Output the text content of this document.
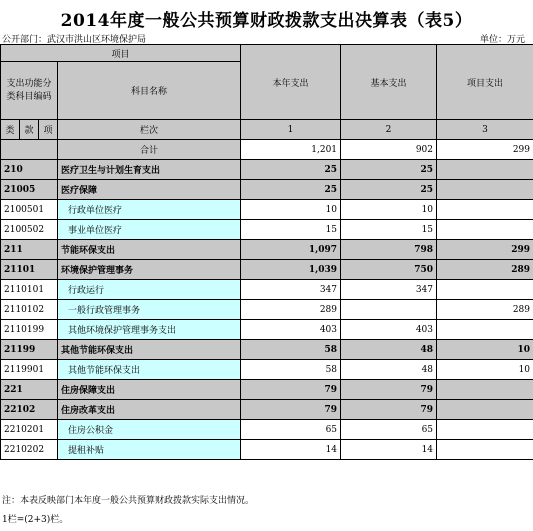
2014年度一般公共预算财政拨款支出决算表（表5）
公开部门：武汉市洪山区环境保护局	单位：万元
项目				本年支出	基本支出	项目支出
支出功能分类科目编码			科目名称			

类	款	项				
			栏次	1	2	3
			合计	1,201	902	299
210			医疗卫生与计划生育支出	25	25	
21005			医疗保障	25	25	
2100501			行政单位医疗	10	10	
2100502			事业单位医疗	15	15	
211			节能环保支出	1,097	798	299
21101			环境保护管理事务	1,039	750	289
2110101			行政运行	347	347	
2110102			一般行政管理事务	289		289
2110199			其他环境保护管理事务支出	403	403	
21199			其他节能环保支出	58	48	10
2119901			其他节能环保支出	58	48	10
221			住房保障支出	79	79	
22102			住房改革支出	79	79	
2210201			住房公积金	65	65	
2210202			提租补贴	14	14	
注：本表反映部门本年度一般公共预算财政拨款实际支出情况。
1栏=(2+3)栏。
